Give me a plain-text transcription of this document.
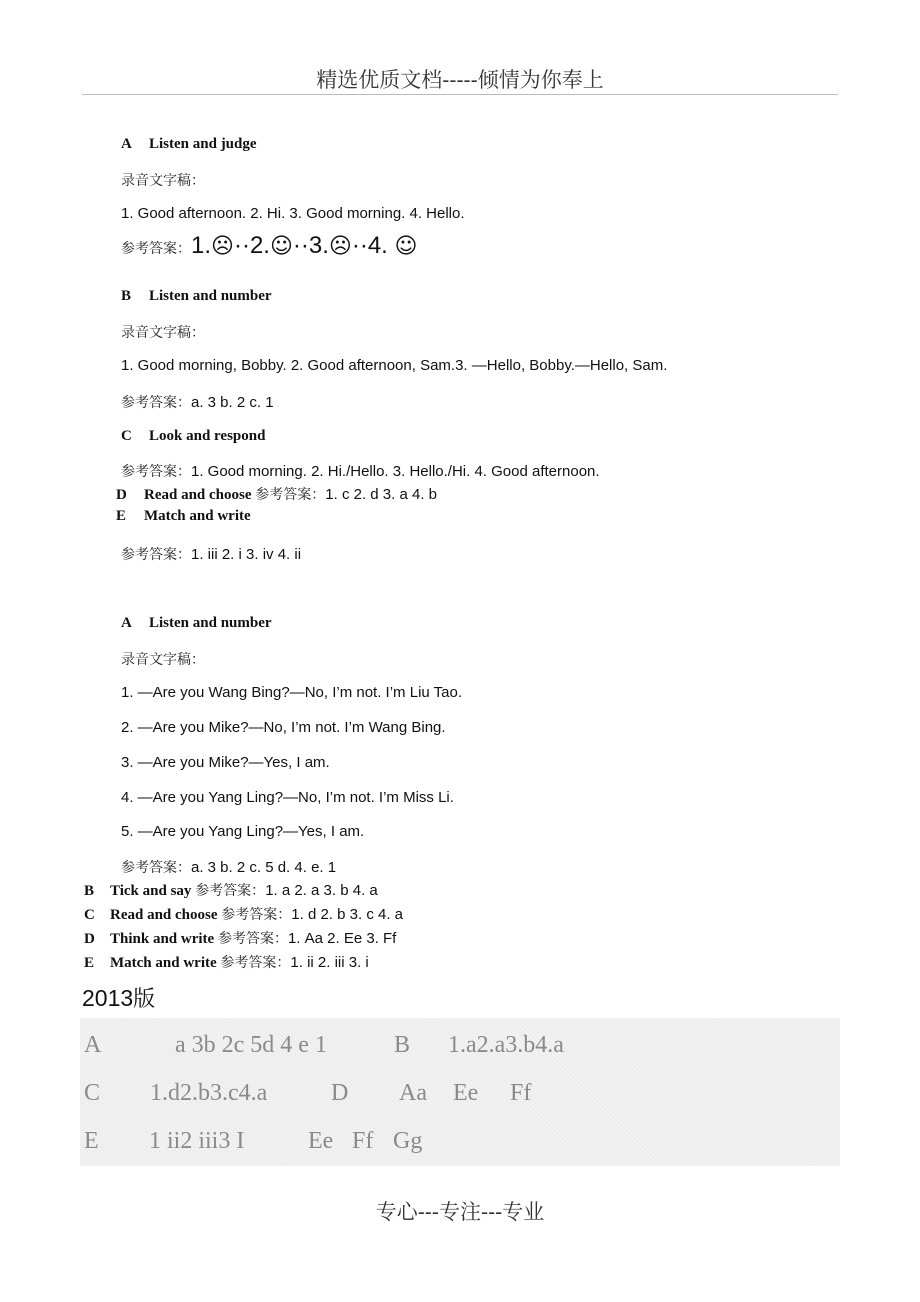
精选优质文档-----倾情为你奉上
A Listen and judge
录音文字稿：
1. Good afternoon. 2. Hi. 3. Good morning. 4. Hello.
参考答案：1.☹··2.☺··3.☹··4. ☺
B Listen and number
录音文字稿：
1. Good morning, Bobby. 2. Good afternoon, Sam.3. —Hello, Bobby.—Hello, Sam.
参考答案：a. 3 b. 2 c. 1
C Look and respond
参考答案：1. Good morning. 2. Hi./Hello. 3. Hello./Hi. 4. Good afternoon.
D Read and choose 参考答案：1. c 2. d 3. a 4. b
E Match and write
参考答案：1. iii 2. i 3. iv 4. ii
A Listen and number
录音文字稿：
1. —Are you Wang Bing?—No, I’m not. I’m Liu Tao.
2. —Are you Mike?—No, I’m not. I’m Wang Bing.
3. —Are you Mike?—Yes, I am.
4. —Are you Yang Ling?—No, I’m not. I’m Miss Li.
5. —Are you Yang Ling?—Yes, I am.
参考答案：a. 3 b. 2 c. 5 d. 4. e. 1
B Tick and say 参考答案：1. a 2. a 3. b 4. a
C Read and choose 参考答案：1. d 2. b 3. c 4. a
D Think and write 参考答案：1. Aa 2. Ee 3. Ff
E Match and write 参考答案：1. ii 2. iii 3. i
2013版
A	a 3b 2c 5d 4 e 1	B 1.a2.a3.b4.a
C 1.d2.b3.c4.a	D Aa Ee Ff
E 1 ii2 iii3 I	Ee Ff Gg
专心---专注---专业
